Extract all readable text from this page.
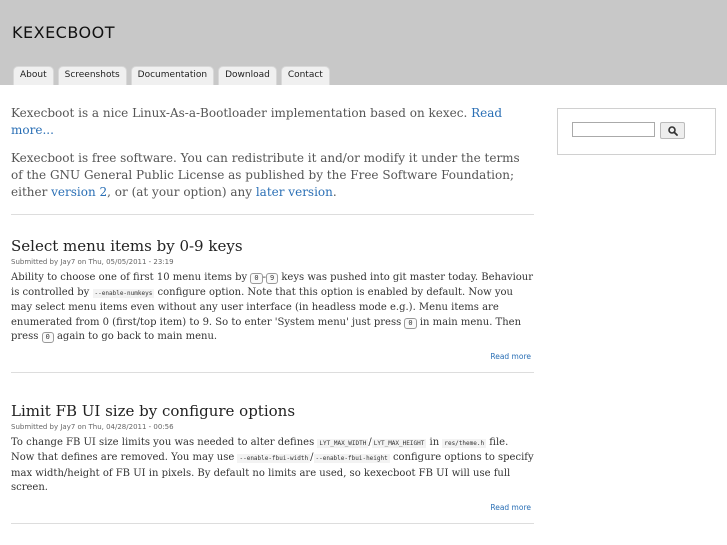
KEXECBOOT
About	Screenshots	Documentation	Download	Contact

Kexecboot is a nice Linux-As-a-Bootloader implementation based on kexec. Read more...

Kexecboot is free software. You can redistribute it and/or modify it under the terms of the GNU General Public License as published by the Free Software Foundation; either version 2, or (at your option) any later version.

Select menu items by 0-9 keys
Submitted by Jay7 on Thu, 05/05/2011 - 23:19
Ability to choose one of first 10 menu items by 0 - 9 keys was pushed into git master today. Behaviour is controlled by --enable-numkeys configure option. Note that this option is enabled by default. Now you may select menu items even without any user interface (in headless mode e.g.). Menu items are enumerated from 0 (first/top item) to 9. So to enter 'System menu' just press 0 in main menu. Then press 0 again to go back to main menu.
Read more
Limit FB UI size by configure options
Submitted by Jay7 on Thu, 04/28/2011 - 00:56
To change FB UI size limits you was needed to alter defines LYT_MAX_WIDTH / LYT_MAX_HEIGHT in res/theme.h file. Now that defines are removed. You may use --enable-fbui-width / --enable-fbui-height configure options to specify max width/height of FB UI in pixels. By default no limits are used, so kexecboot FB UI will use full screen.
Read more
